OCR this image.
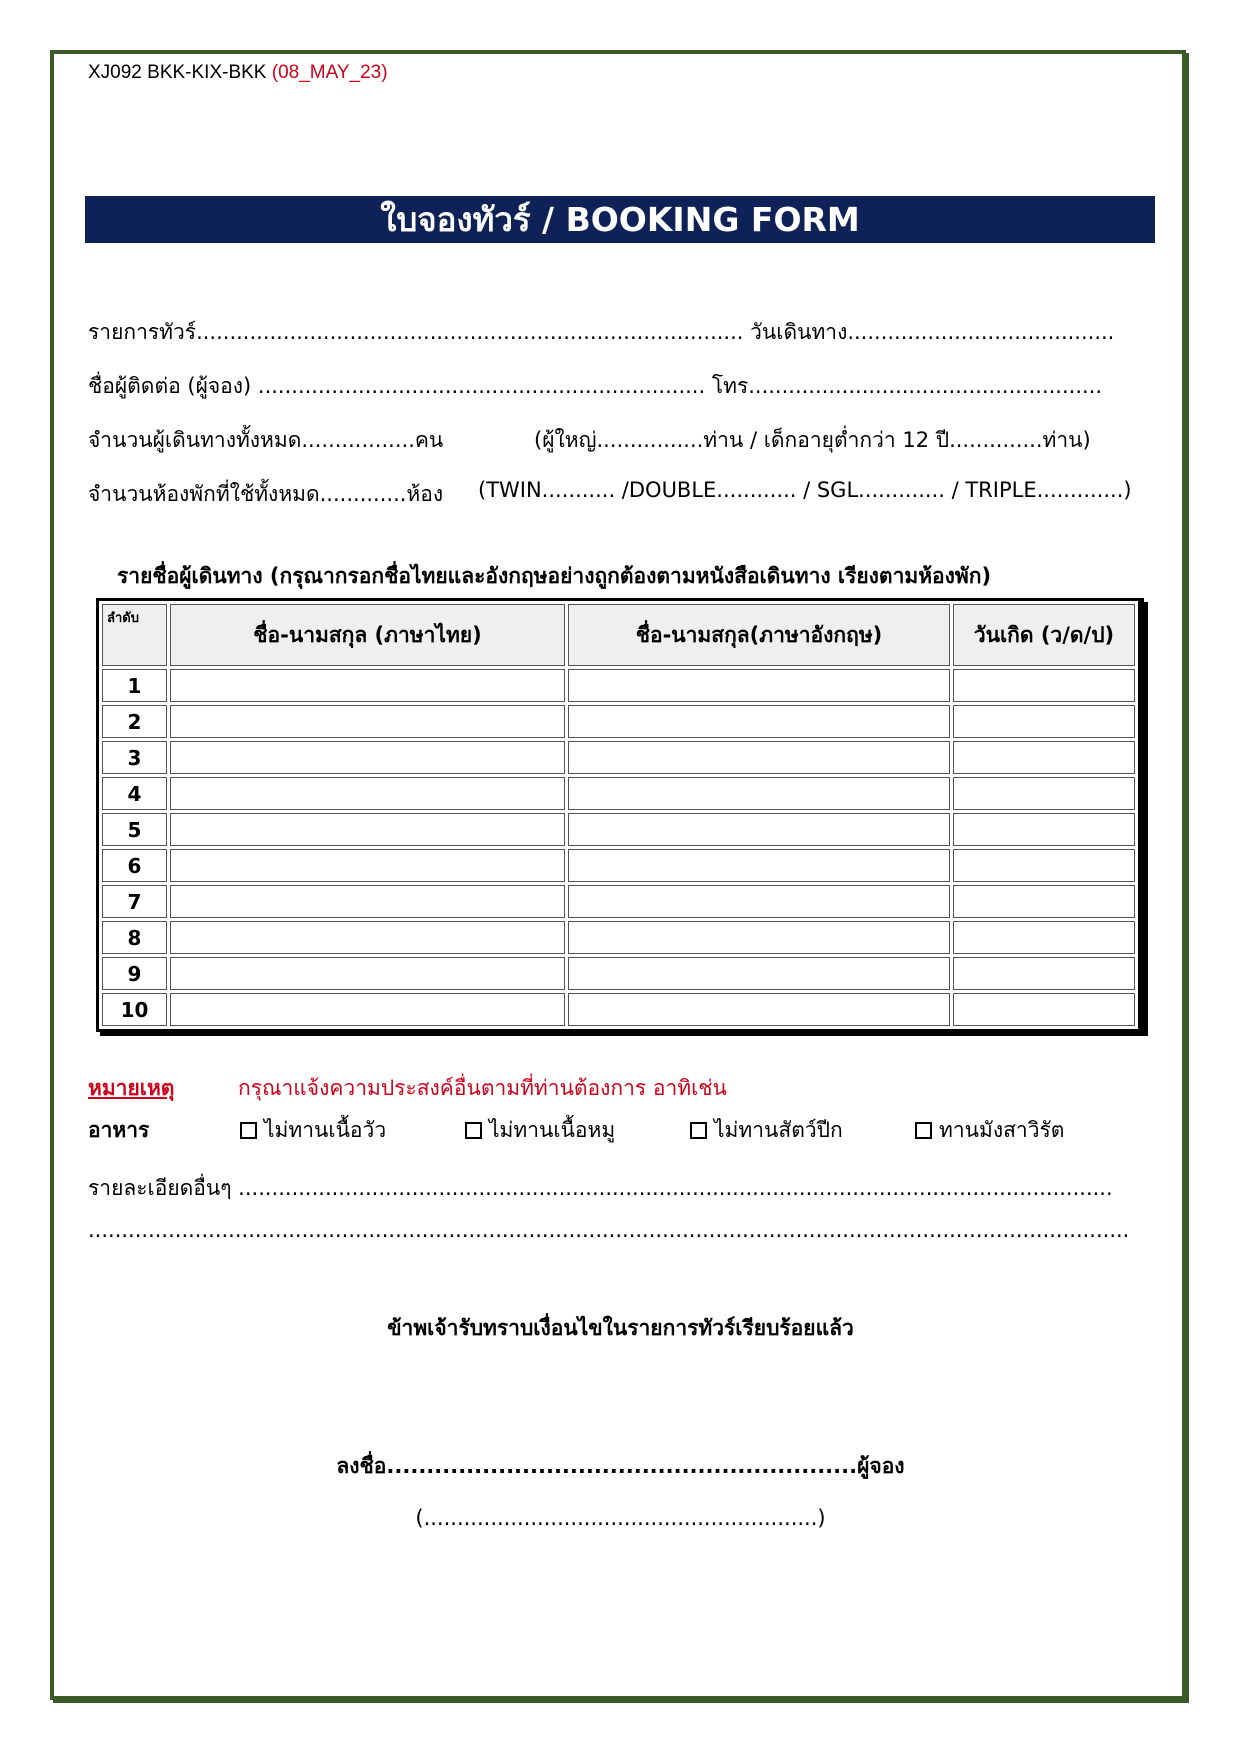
XJ092 BKK-KIX-BKK (08_MAY_23)
ใบจองทัวร์ / BOOKING FORM
รายการทัวร์.................................................................................. วันเดินทาง........................................
ชื่อผู้ติดต่อ (ผู้จอง) ................................................................... โทร.....................................................
จำนวนผู้เดินทางทั้งหมด.................คน	(ผู้ใหญ่................ท่าน / เด็กอายุต่ำกว่า 12 ปี..............ท่าน)
จำนวนห้องพักที่ใช้ทั้งหมด.............ห้อง (TWIN........... /DOUBLE............ / SGL............. / TRIPLE.............)
รายชื่อผู้เดินทาง (กรุณากรอกชื่อไทยและอังกฤษอย่างถูกต้องตามหนังสือเดินทาง เรียงตามห้องพัก)
ลำดับ	ชื่อ-นามสกุล (ภาษาไทย)	ชื่อ-นามสกุล(ภาษาอังกฤษ)	วันเกิด (ว/ด/ป)
1			
2			
3			
4			
5			
6			
7			
8			
9			
10			
หมายเหตุ	กรุณาแจ้งความประสงค์อื่นตามที่ท่านต้องการ อาทิเช่น
อาหาร	ไม่ทานเนื้อวัว	ไม่ทานเนื้อหมู	ไม่ทานสัตว์ปีก	ทานมังสาวิรัต
รายละเอียดอื่นๆ ...................................................................................................................................
............................................................................................................................................................
ข้าพเจ้ารับทราบเงื่อนไขในรายการทัวร์เรียบร้อยแล้ว
ลงชื่อ...........................................................ผู้จอง
(...........................................................)
